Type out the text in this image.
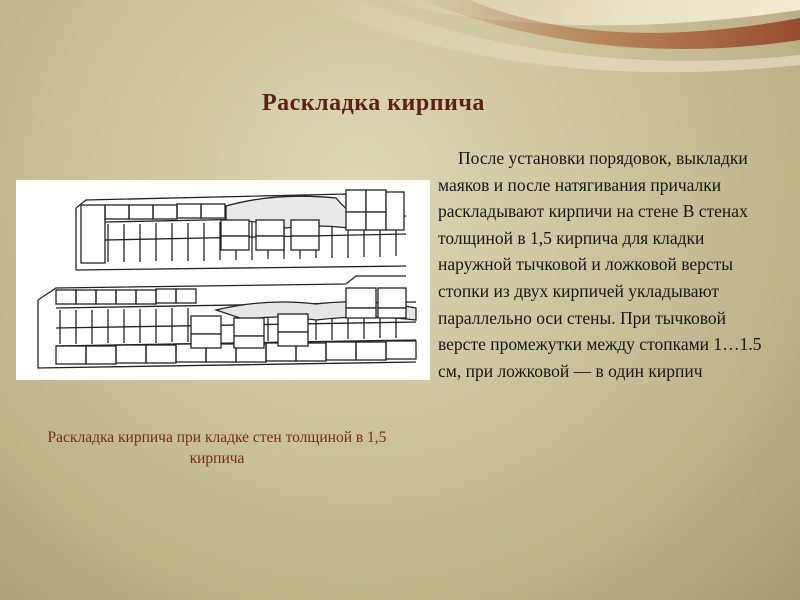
Раскладка кирпича
Раскладка кирпича при кладке стен толщиной в 1,5 кирпича
После установки порядовок, выкладки маяков и после натягивания причалки раскладывают кирпичи на стене В стенах толщиной в 1,5 кирпича для кладки наружной тычковой и ложковой версты стопки из двух кирпичей укладывают параллельно оси стены. При тычковой версте промежутки между стопками 1…1.5 см, при ложковой — в один кирпич
